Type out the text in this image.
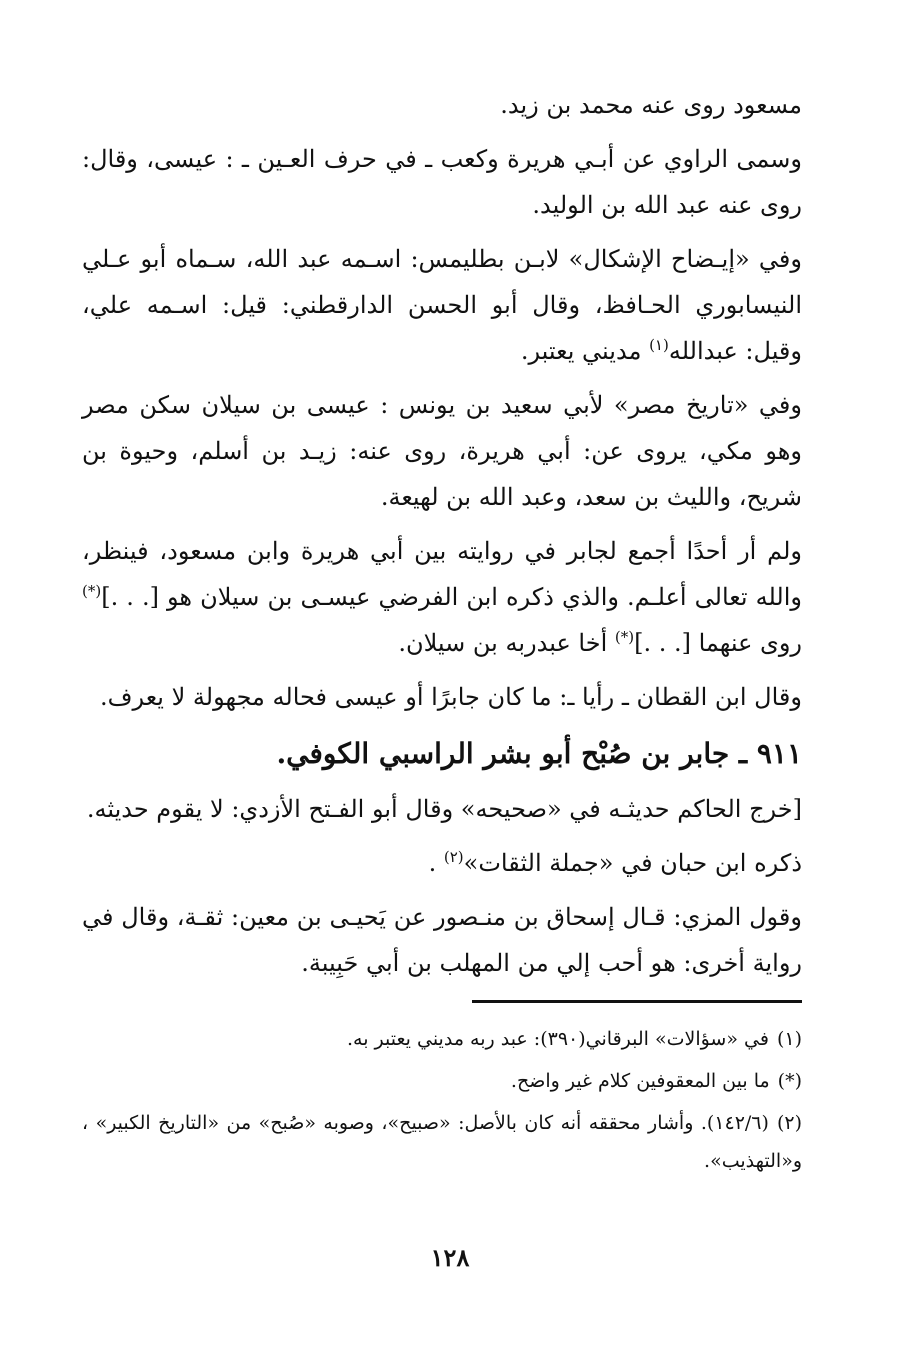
مسعود روى عنه محمد بن زيد.

وسمى الراوي عن أبـي هريرة وكعب ـ في حرف العـين ـ : عيسى، وقال: روى عنه عبد الله بن الوليد.

وفي «إيـضاح الإشكال» لابـن بطليمس: اسـمه عبد الله، سـماه أبو عـلي النيسابوري الحـافظ، وقال أبو الحسن الدارقطني: قيل: اسـمه علي، وقيل: عبدالله$^{(١)}$ مديني يعتبر.

وفي «تاريخ مصر» لأبي سعيد بن يونس : عيسى بن سيلان سكن مصر وهو مكي، يروى عن: أبي هريرة، روى عنه: زيـد بن أسلم، وحيوة بن شريح، والليث بن سعد، وعبد الله بن لهيعة.

ولم أر أحدًا أجمع لجابر في روايته بين أبي هريرة وابن مسعود، فينظر، والله تعالى أعلـم. والذي ذكره ابن الفرضي عيسـى بن سيلان هو [. . .](*) روى عنهما [. . .](*) أخا عبدربه بن سيلان.

وقال ابن القطان ـ رأيا ـ: ما كان جابرًا أو عيسى فحاله مجهولة لا يعرف.

٩١١ ـ جابر بن صُبْح أبو بشر الراسبي الكوفي.

[خرج الحاكم حديثـه في «صحيحه» وقال أبو الفـتح الأزدي: لا يقوم حديثه.

ذكره ابن حبان في «جملة الثقات»$^{(٢)}$ .

وقول المزي: قـال إسحاق بن منـصور عن يَحيـى بن معين: ثقـة، وقال في رواية أخرى: هو أحب إلي من المهلب بن أبي حَبِيبة.

(١)في «سؤالات» البرقاني(٣٩٠): عبد ربه مديني يعتبر به.

(*)ما بين المعقوفين كلام غير واضح.

(٢)(١٤٢/٦). وأشار محققه أنه كان بالأصل: «صبيح»، وصوبه «صُبح» من «التاريخ الكبير» ، و«التهذيب».

١٢٨
